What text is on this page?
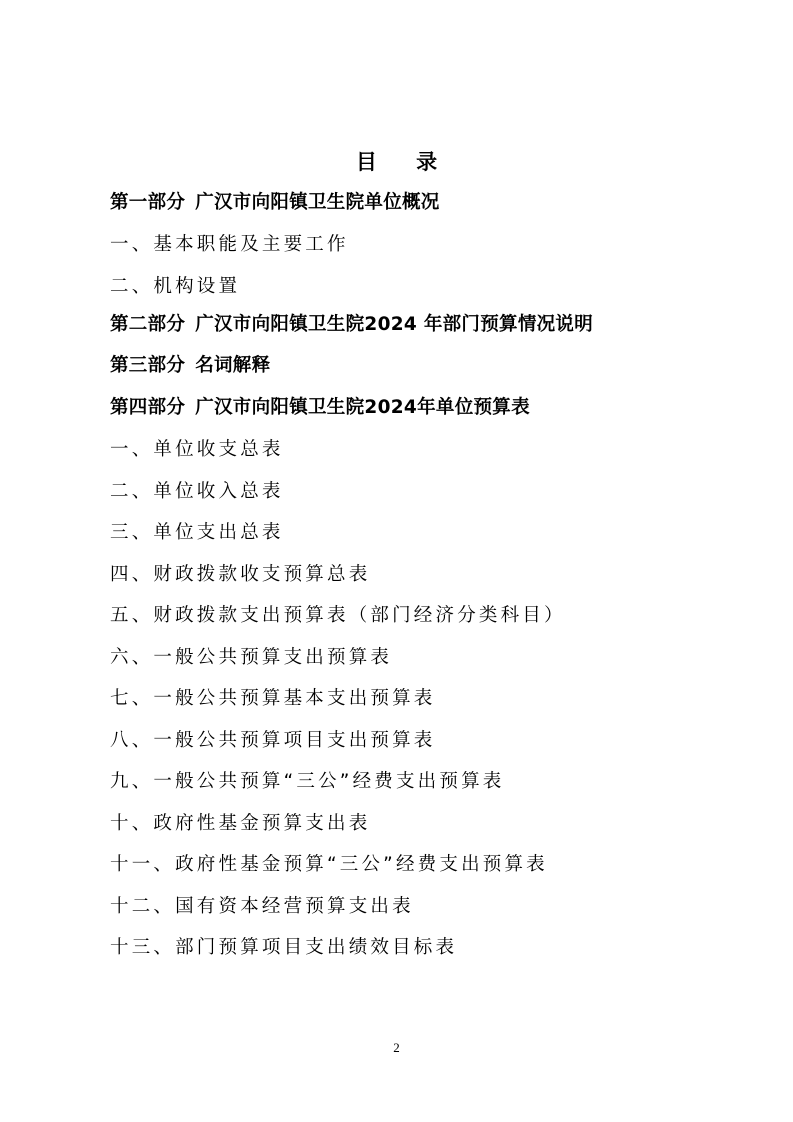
目 录
第一部分 广汉市向阳镇卫生院单位概况
一、基本职能及主要工作
二、机构设置
第二部分 广汉市向阳镇卫生院2024 年部门预算情况说明
第三部分 名词解释
第四部分 广汉市向阳镇卫生院2024年单位预算表
一、单位收支总表
二、单位收入总表
三、单位支出总表
四、财政拨款收支预算总表
五、财政拨款支出预算表（部门经济分类科目）
六、一般公共预算支出预算表
七、一般公共预算基本支出预算表
八、一般公共预算项目支出预算表
九、一般公共预算“三公”经费支出预算表
十、政府性基金预算支出表
十一、政府性基金预算“三公”经费支出预算表
十二、国有资本经营预算支出表
十三、部门预算项目支出绩效目标表
2
